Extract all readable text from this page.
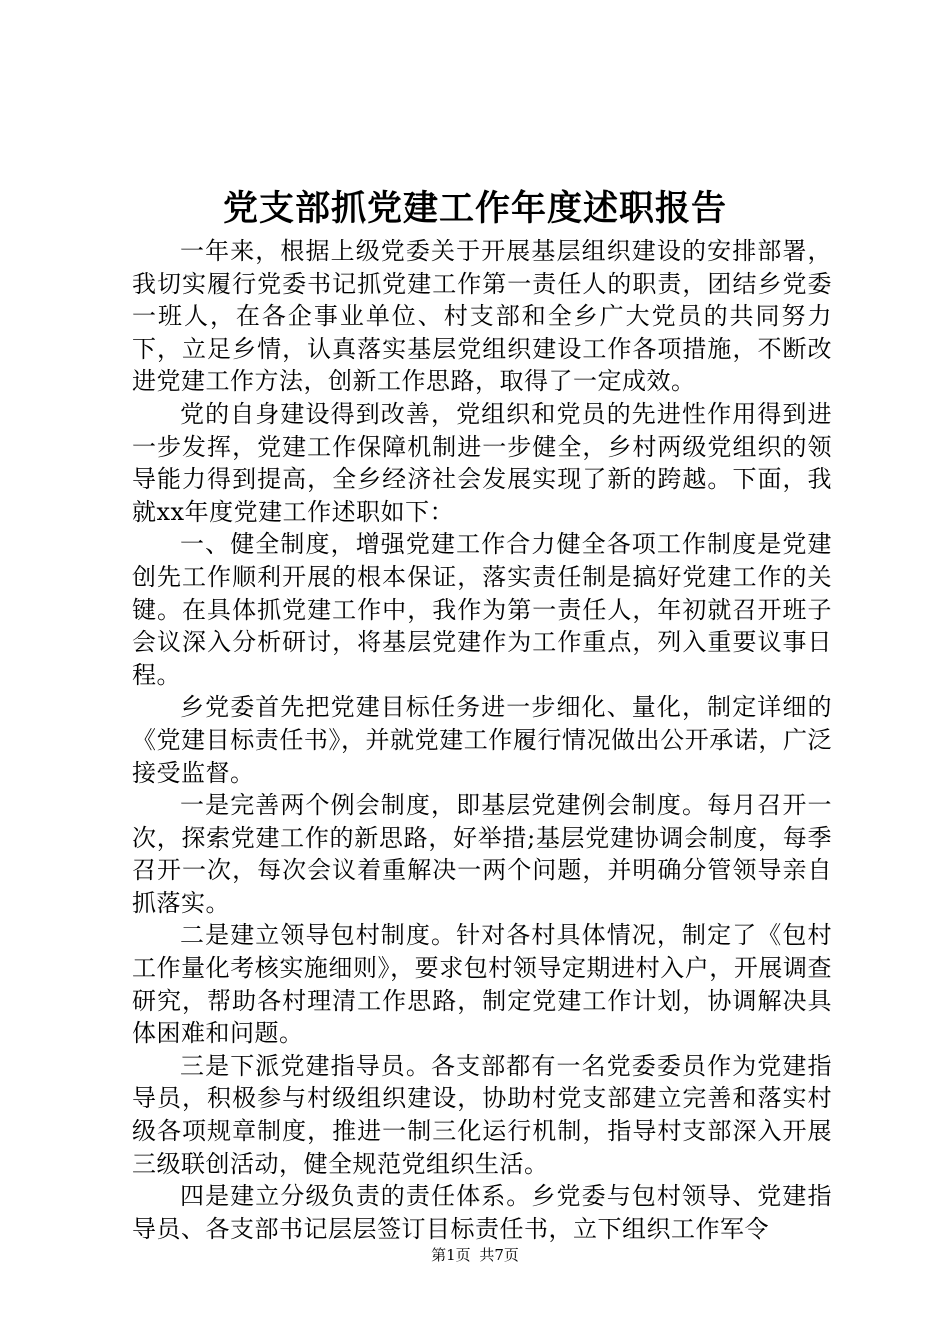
党支部抓党建工作年度述职报告

一年来，根据上级党委关于开展基层组织建设的安排部署，我切实履行党委书记抓党建工作第一责任人的职责，团结乡党委一班人，在各企事业单位、村支部和全乡广大党员的共同努力下，立足乡情，认真落实基层党组织建设工作各项措施，不断改进党建工作方法，创新工作思路，取得了一定成效。

党的自身建设得到改善，党组织和党员的先进性作用得到进一步发挥，党建工作保障机制进一步健全，乡村两级党组织的领导能力得到提高，全乡经济社会发展实现了新的跨越。下面，我就xx年度党建工作述职如下：

一、健全制度，增强党建工作合力健全各项工作制度是党建创先工作顺利开展的根本保证，落实责任制是搞好党建工作的关键。在具体抓党建工作中，我作为第一责任人，年初就召开班子会议深入分析研讨，将基层党建作为工作重点，列入重要议事日程。

乡党委首先把党建目标任务进一步细化、量化，制定详细的《党建目标责任书》，并就党建工作履行情况做出公开承诺，广泛接受监督。

一是完善两个例会制度，即基层党建例会制度。每月召开一次，探索党建工作的新思路，好举措;基层党建协调会制度，每季召开一次，每次会议着重解决一两个问题，并明确分管领导亲自抓落实。

二是建立领导包村制度。针对各村具体情况，制定了《包村工作量化考核实施细则》，要求包村领导定期进村入户，开展调查研究，帮助各村理清工作思路，制定党建工作计划，协调解决具体困难和问题。

三是下派党建指导员。各支部都有一名党委委员作为党建指导员，积极参与村级组织建设，协助村党支部建立完善和落实村级各项规章制度，推进一制三化运行机制，指导村支部深入开展三级联创活动，健全规范党组织生活。

四是建立分级负责的责任体系。乡党委与包村领导、党建指导员、各支部书记层层签订目标责任书，立下组织工作军令

第1页 共7页
